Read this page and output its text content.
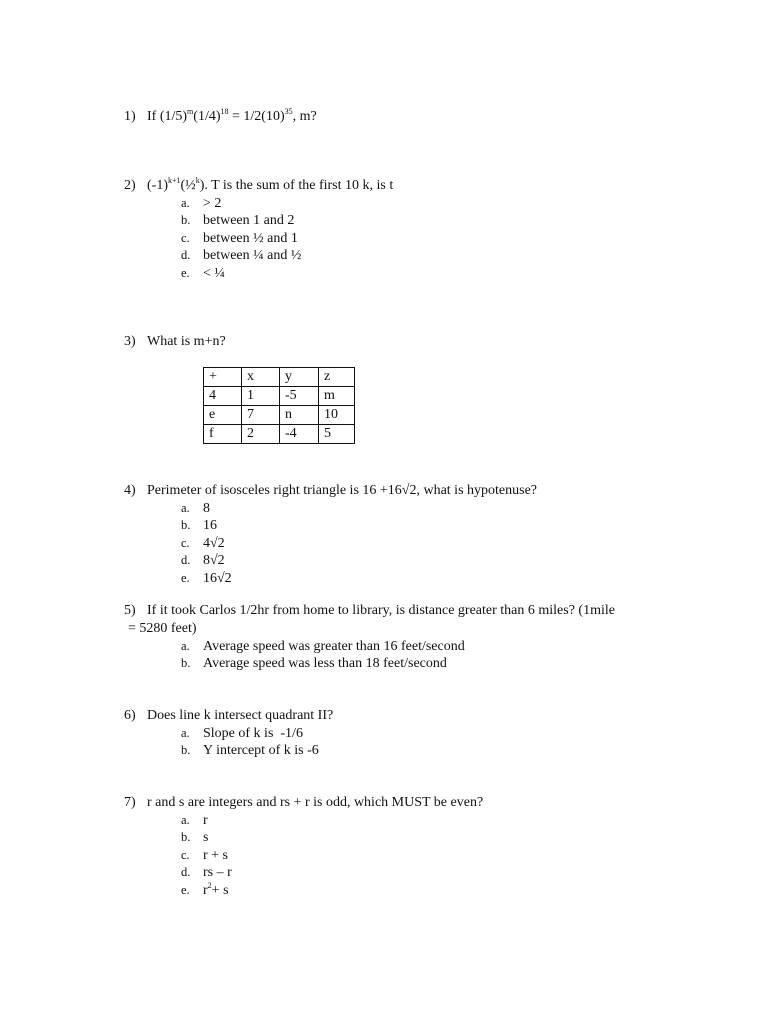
1) If $(1/5)^m(1/4)^{18} = 1/2(10)^{35}$, m?
2) $(-1)^{k+1}(\frac{1}{2}^k)$. T is the sum of the first 10 k, is t
a. > 2
b. between 1 and 2
c. between ½ and 1
d. between ¼ and ½
e. < ¼
3) What is m+n?
+	x	y	z
4	1	-5	m
e	7	n	10
f	2	-4	5
4) Perimeter of isosceles right triangle is 16 +16√2, what is hypotenuse?
a. 8
b. 16
c. 4√2
d. 8√2
e. 16√2
5) If it took Carlos 1/2hr from home to library, is distance greater than 6 miles? (1mile
= 5280 feet)
a. Average speed was greater than 16 feet/second
b. Average speed was less than 18 feet/second
6) Does line k intersect quadrant II?
a. Slope of k is  -1/6
b. Y intercept of k is -6
7) r and s are integers and rs + r is odd, which MUST be even?
a. r
b. s
c. r + s
d. rs – r
e. $r^2+ s$
